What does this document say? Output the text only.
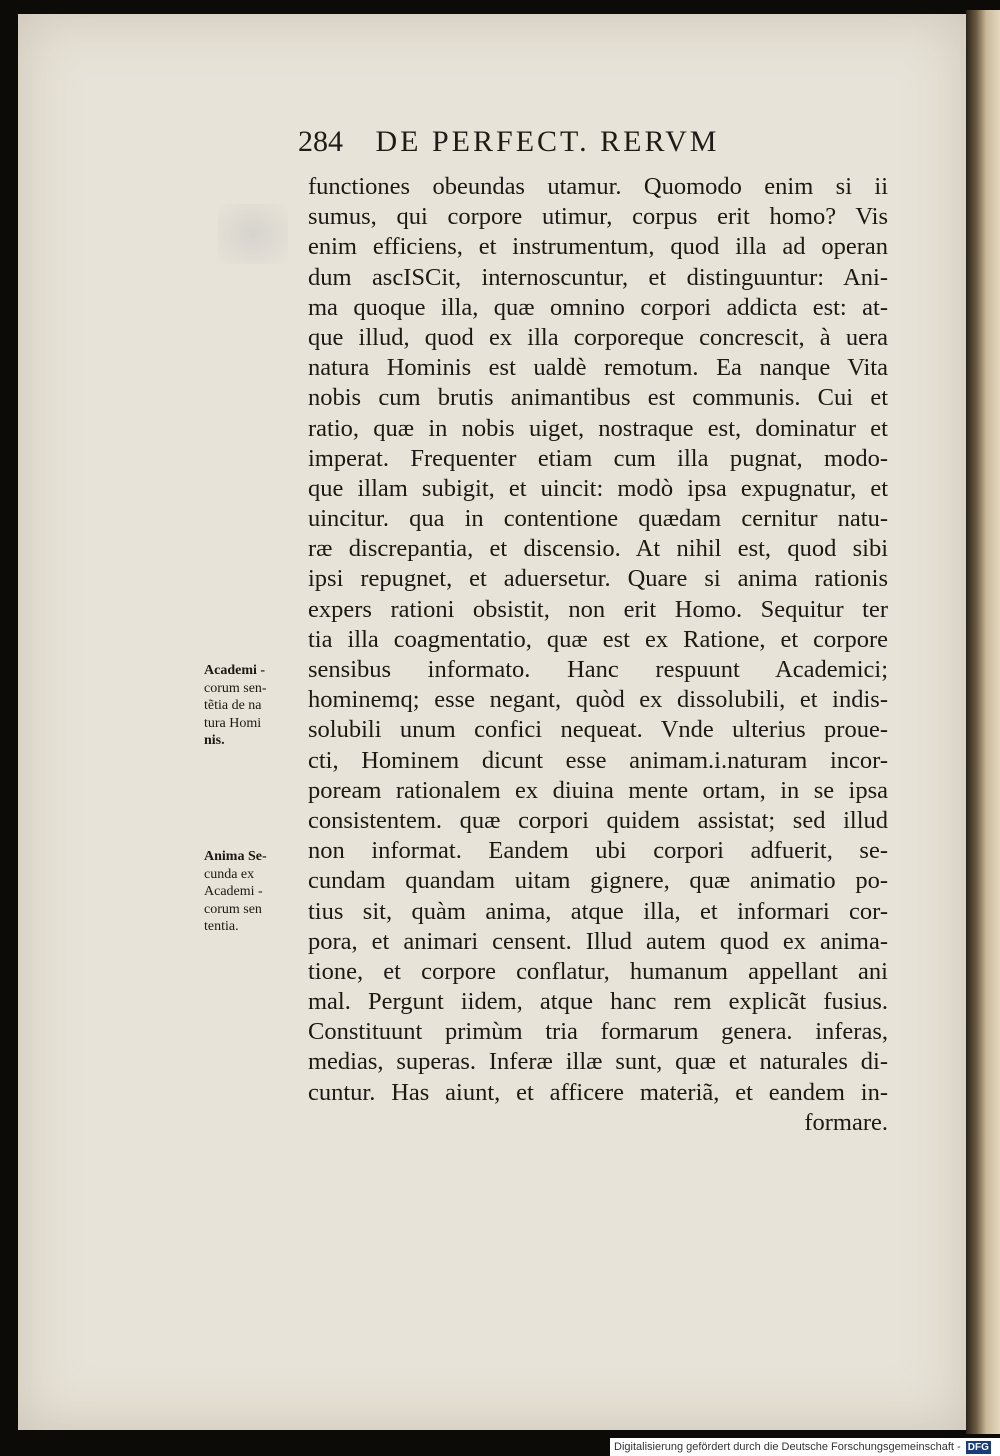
284 DE PERFECT. RERVM
functiones obeundas utamur. Quomodo enim si ii
sumus, qui corpore utimur, corpus erit homo? Vis
enim efficiens, et instrumentum, quod illa ad operan
dum ascISCit, internoscuntur, et distinguuntur: Ani-
ma quoque illa, quæ omnino corpori addicta est: at-
que illud, quod ex illa corporeque concrescit, à uera
natura Hominis est ualdè remotum. Ea nanque Vita
nobis cum brutis animantibus est communis. Cui et
ratio, quæ in nobis uiget, nostraque est, dominatur et
imperat. Frequenter etiam cum illa pugnat, modo-
que illam subigit, et uincit: modò ipsa expugnatur, et
uincitur. qua in contentione quædam cernitur natu-
ræ discrepantia, et discensio. At nihil est, quod sibi
ipsi repugnet, et aduersetur. Quare si anima rationis
expers rationi obsistit, non erit Homo. Sequitur ter
tia illa coagmentatio, quæ est ex Ratione, et corpore
sensibus informato. Hanc respuunt Academici;
hominemq; esse negant, quòd ex dissolubili, et indis-
solubili unum confici nequeat. Vnde ulterius proue-
cti, Hominem dicunt esse animam.i.naturam incor-
poream rationalem ex diuina mente ortam, in se ipsa
consistentem. quæ corpori quidem assistat; sed illud
non informat. Eandem ubi corpori adfuerit, se-
cundam quandam uitam gignere, quæ animatio po-
tius sit, quàm anima, atque illa, et informari cor-
pora, et animari censent. Illud autem quod ex anima-
tione, et corpore conflatur, humanum appellant ani
mal. Pergunt iidem, atque hanc rem explicãt fusius.
Constituunt primùm tria formarum genera. inferas,
medias, superas. Inferæ illæ sunt, quæ et naturales di-
cuntur. Has aiunt, et afficere materiã, et eandem in-
formare.
Academi -
corum sen-
tẽtia de na
tura Homi
nis.
Anima Se-
cunda ex
Academi -
corum sen
tentia.
Digitalisierung gefördert durch die Deutsche Forschungsgemeinschaft - DFG
